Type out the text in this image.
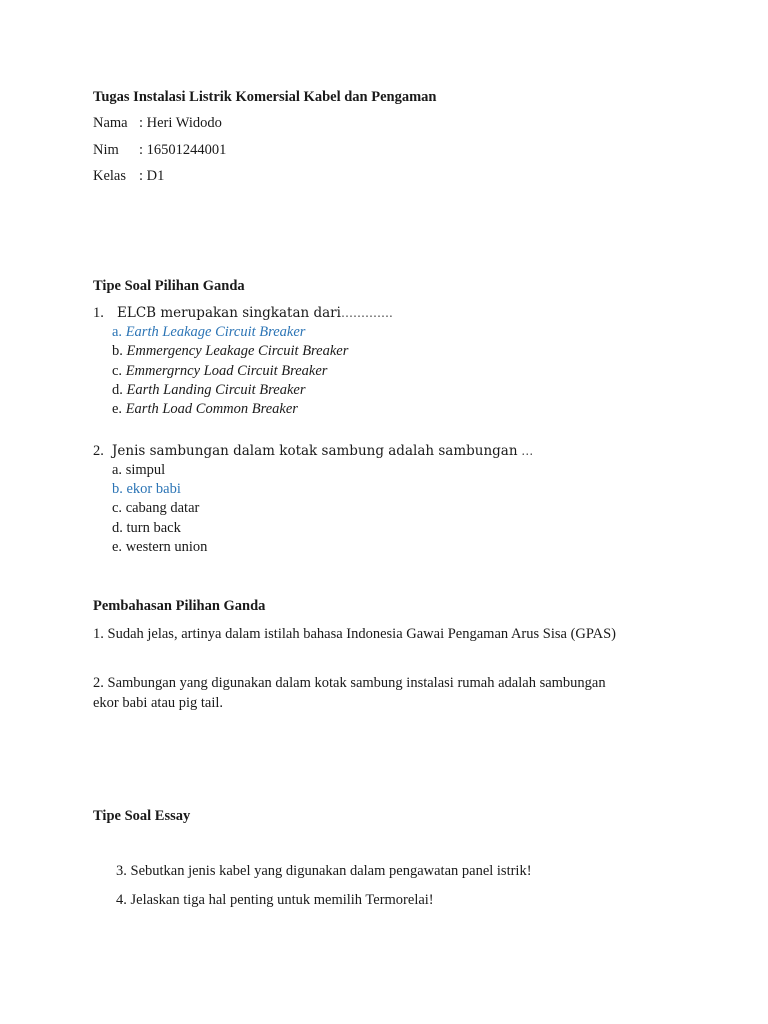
Tugas Instalasi Listrik Komersial Kabel dan Pengaman
Nama : Heri Widodo
Nim : 16501244001
Kelas : D1
Tipe Soal Pilihan Ganda
1. ELCB merupakan singkatan dari………….
a. Earth Leakage Circuit Breaker
b. Emmergency Leakage Circuit Breaker
c. Emmergrncy Load Circuit Breaker
d. Earth Landing Circuit Breaker
e. Earth Load Common Breaker
2. Jenis sambungan dalam kotak sambung adalah sambungan …
a. simpul
b. ekor babi
c. cabang datar
d. turn back
e. western union
Pembahasan Pilihan Ganda
1. Sudah jelas, artinya dalam istilah bahasa Indonesia Gawai Pengaman Arus Sisa (GPAS)
2. Sambungan yang digunakan dalam kotak sambung instalasi rumah adalah sambungan ekor babi atau pig tail.
Tipe Soal Essay
3. Sebutkan jenis kabel yang digunakan dalam pengawatan panel istrik!
4. Jelaskan tiga hal penting untuk memilih Termorelai!
